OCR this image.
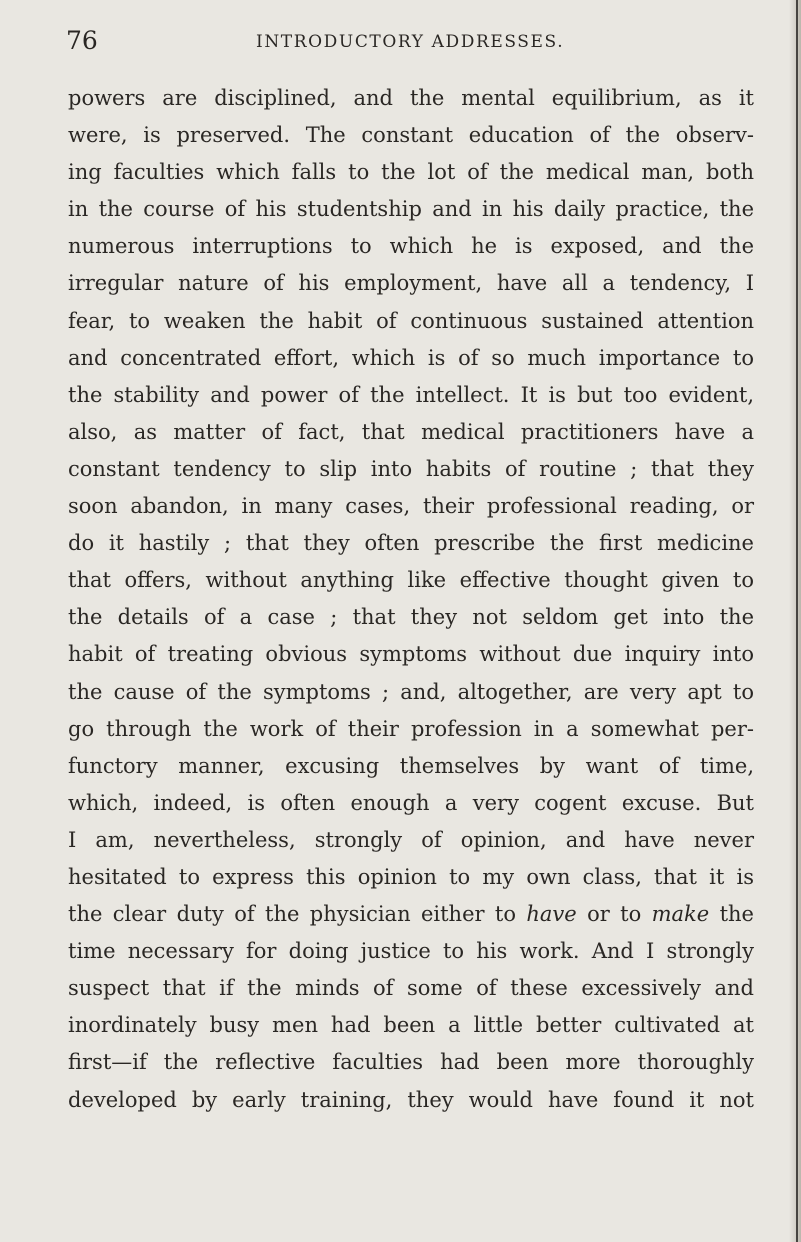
76	INTRODUCTORY ADDRESSES.
powers are disciplined, and the mental equilibrium, as it
were, is preserved. The constant education of the observ-
ing faculties which falls to the lot of the medical man, both
in the course of his studentship and in his daily practice, the
numerous interruptions to which he is exposed, and the
irregular nature of his employment, have all a tendency, I
fear, to weaken the habit of continuous sustained attention
and concentrated effort, which is of so much importance to
the stability and power of the intellect. It is but too evident,
also, as matter of fact, that medical practitioners have a
constant tendency to slip into habits of routine ; that they
soon abandon, in many cases, their professional reading, or
do it hastily ; that they often prescribe the first medicine
that offers, without anything like effective thought given to
the details of a case ; that they not seldom get into the
habit of treating obvious symptoms without due inquiry into
the cause of the symptoms ; and, altogether, are very apt to
go through the work of their profession in a somewhat per-
functory manner, excusing themselves by want of time,
which, indeed, is often enough a very cogent excuse. But
I am, nevertheless, strongly of opinion, and have never
hesitated to express this opinion to my own class, that it is
the clear duty of the physician either to have or to make the
time necessary for doing justice to his work. And I strongly
suspect that if the minds of some of these excessively and
inordinately busy men had been a little better cultivated at
first—if the reflective faculties had been more thoroughly
developed by early training, they would have found it not
